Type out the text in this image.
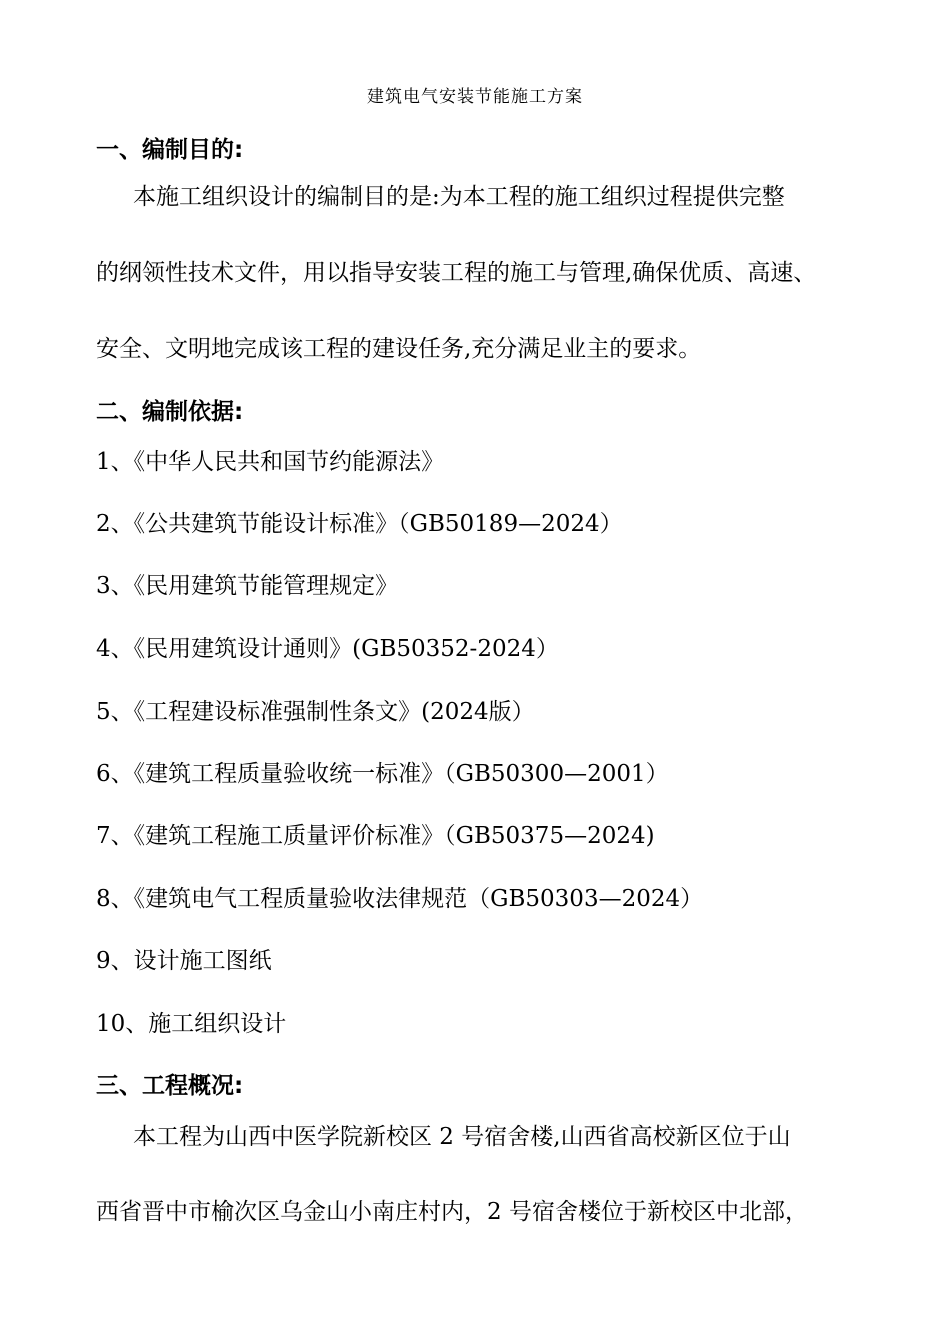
建筑电气安装节能施工方案
一、编制目的:
本施工组织设计的编制目的是:为本工程的施工组织过程提供完整
的纲领性技术文件，用以指导安装工程的施工与管理,确保优质、高速、
安全、文明地完成该工程的建设任务,充分满足业主的要求。
二、编制依据:
1、《中华人民共和国节约能源法》
2、《公共建筑节能设计标准》（GB50189—2024）
3、《民用建筑节能管理规定》
4、《民用建筑设计通则》(GB50352-2024）
5、《工程建设标准强制性条文》(2024版）
6、《建筑工程质量验收统一标准》（GB50300—2001）
7、《建筑工程施工质量评价标准》（GB50375—2024)
8、《建筑电气工程质量验收法律规范（GB50303—2024）
9、设计施工图纸
10、施工组织设计
三、工程概况:
本工程为山西中医学院新校区 2 号宿舍楼,山西省高校新区位于山
西省晋中市榆次区乌金山小南庄村内，2 号宿舍楼位于新校区中北部，
